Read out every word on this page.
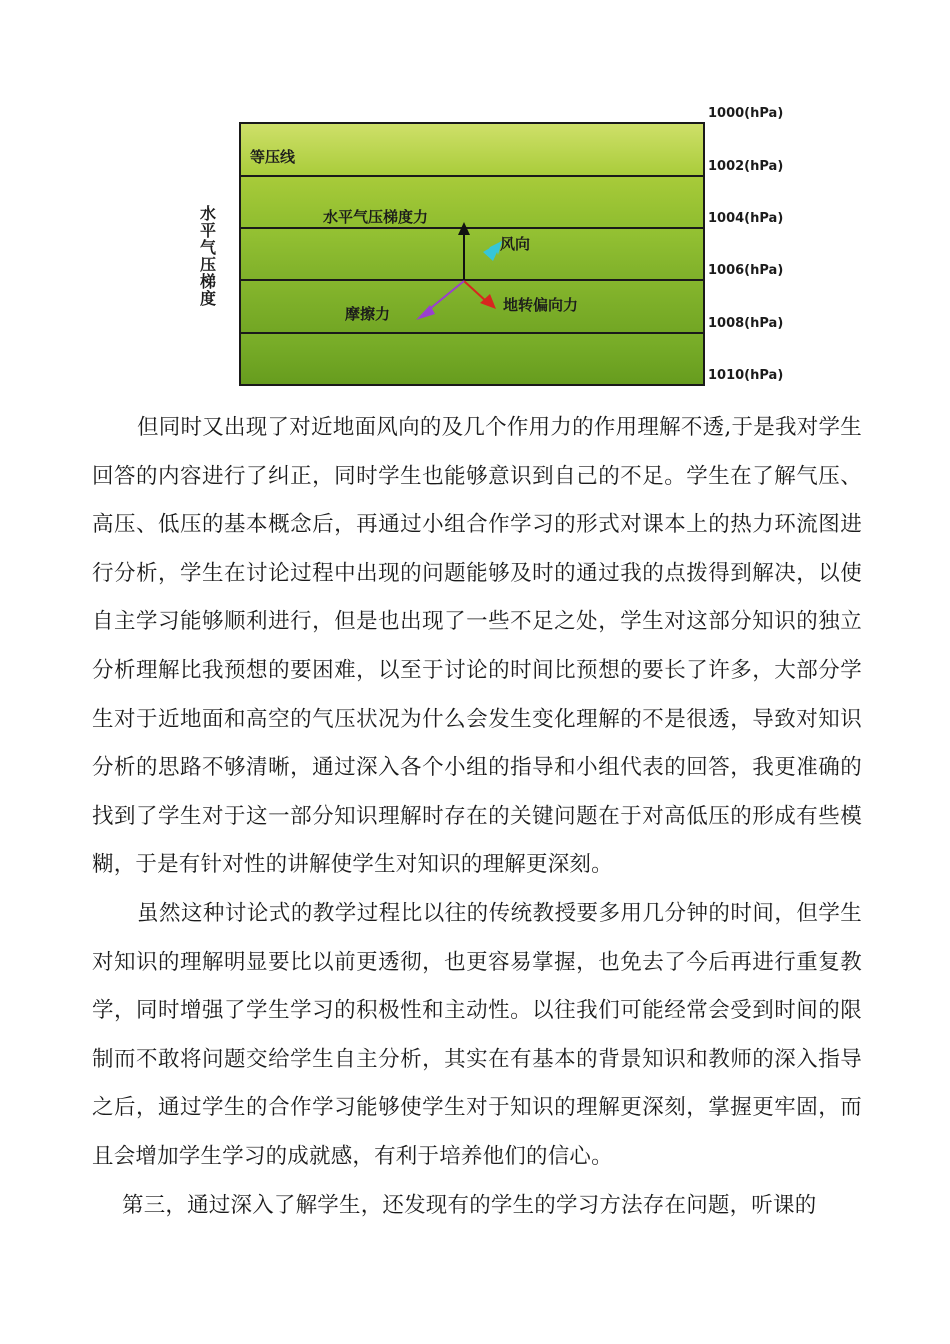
水平气压梯度
等压线
水平气压梯度力
风向
摩擦力	地转偏向力
1000(hPa)
1002(hPa)
1004(hPa)
1006(hPa)
1008(hPa)
1010(hPa)

但同时又出现了对近地面风向的及几个作用力的作用理解不透,于是我对学生回答的内容进行了纠正，同时学生也能够意识到自己的不足。学生在了解气压、高压、低压的基本概念后，再通过小组合作学习的形式对课本上的热力环流图进行分析，学生在讨论过程中出现的问题能够及时的通过我的点拨得到解决，以使自主学习能够顺利进行，但是也出现了一些不足之处，学生对这部分知识的独立分析理解比我预想的要困难，以至于讨论的时间比预想的要长了许多，大部分学生对于近地面和高空的气压状况为什么会发生变化理解的不是很透，导致对知识分析的思路不够清晰，通过深入各个小组的指导和小组代表的回答，我更准确的找到了学生对于这一部分知识理解时存在的关键问题在于对高低压的形成有些模糊，于是有针对性的讲解使学生对知识的理解更深刻。

虽然这种讨论式的教学过程比以往的传统教授要多用几分钟的时间，但学生对知识的理解明显要比以前更透彻，也更容易掌握，也免去了今后再进行重复教学，同时增强了学生学习的积极性和主动性。以往我们可能经常会受到时间的限制而不敢将问题交给学生自主分析，其实在有基本的背景知识和教师的深入指导之后，通过学生的合作学习能够使学生对于知识的理解更深刻，掌握更牢固，而且会增加学生学习的成就感，有利于培养他们的信心。

第三，通过深入了解学生，还发现有的学生的学习方法存在问题，听课的
